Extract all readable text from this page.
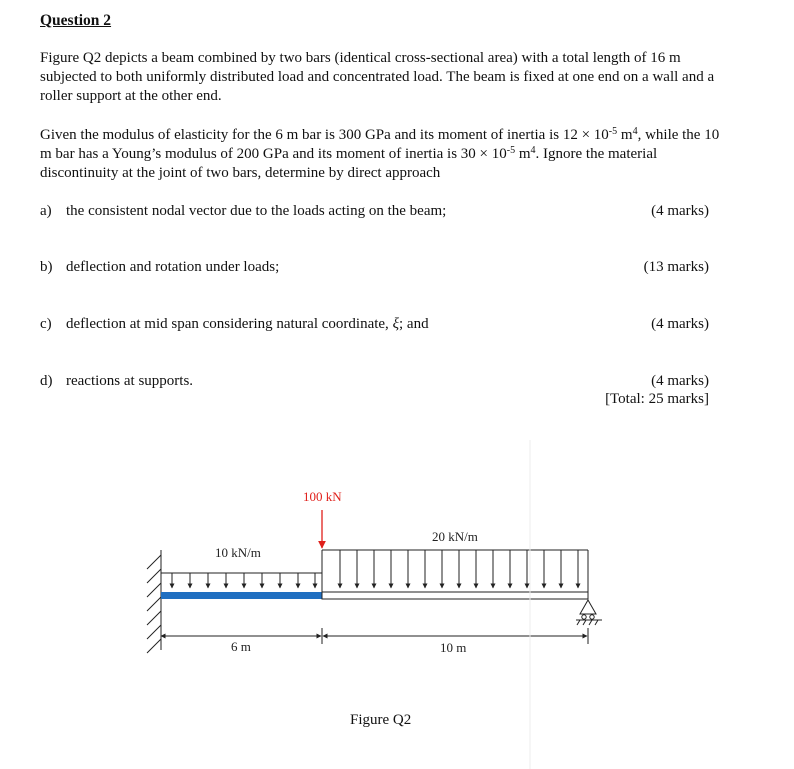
Question 2
Figure Q2 depicts a beam combined by two bars (identical cross-sectional area) with a total length of 16 m subjected to both uniformly distributed load and concentrated load. The beam is fixed at one end on a wall and a roller support at the other end.
Given the modulus of elasticity for the 6 m bar is 300 GPa and its moment of inertia is $12 \times 10^{-5}$ $m^4$, while the 10 m bar has a Young’s modulus of 200 GPa and its moment of inertia is $30 \times 10^{-5}$ $m^4$. Ignore the material discontinuity at the joint of two bars, determine by direct approach
a) the consistent nodal vector due to the loads acting on the beam;	(4 marks)
b) deflection and rotation under loads;	(13 marks)
c) deflection at mid span considering natural coordinate, ξ; and	(4 marks)
d) reactions at supports.	(4 marks)
[Total: 25 marks]
100 kN
10 kN/m
20 kN/m
6 m	10 m
Figure Q2
